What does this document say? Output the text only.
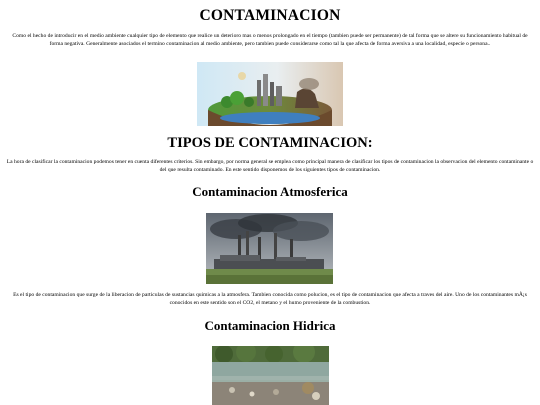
CONTAMINACION

Como el hecho de introducir en el medio ambiente cualquier tipo de elemento que realice un deterioro mas o menos prolongado en el tiempo (tambien puede ser permanente) de tal forma que se altere su funcionamiento habitual de forma negativa. Generalmente asociados el termino contaminacion al medio ambiente, pero tambien puede considerarse como tal la que afecta de forma aversiva a una localidad, especie o persona..

TIPOS DE CONTAMINACION:

La hora de clasificar la contaminacion podemos tener en cuenta diferentes criterios. Sin embargo, por norma general se emplea como principal manera de clasificar los tipos de contaminacion la observacion del elemento contaminante o del que resulta contaminado. En este sentido disponemos de los siguientes tipos de contaminacion.

Contaminacion Atmosferica

Es el tipo de contaminacion que surge de la liberacion de particulas de sustancias quimicas a la atmosfera. Tambien conocida como polucion, es el tipo de contaminacion que afecta a traves del aire. Uno de los contaminantes mÃ¡s conocidos en este sentido son el CO2, el metano y el humo proveniente de la combustion.

Contaminacion Hidrica
